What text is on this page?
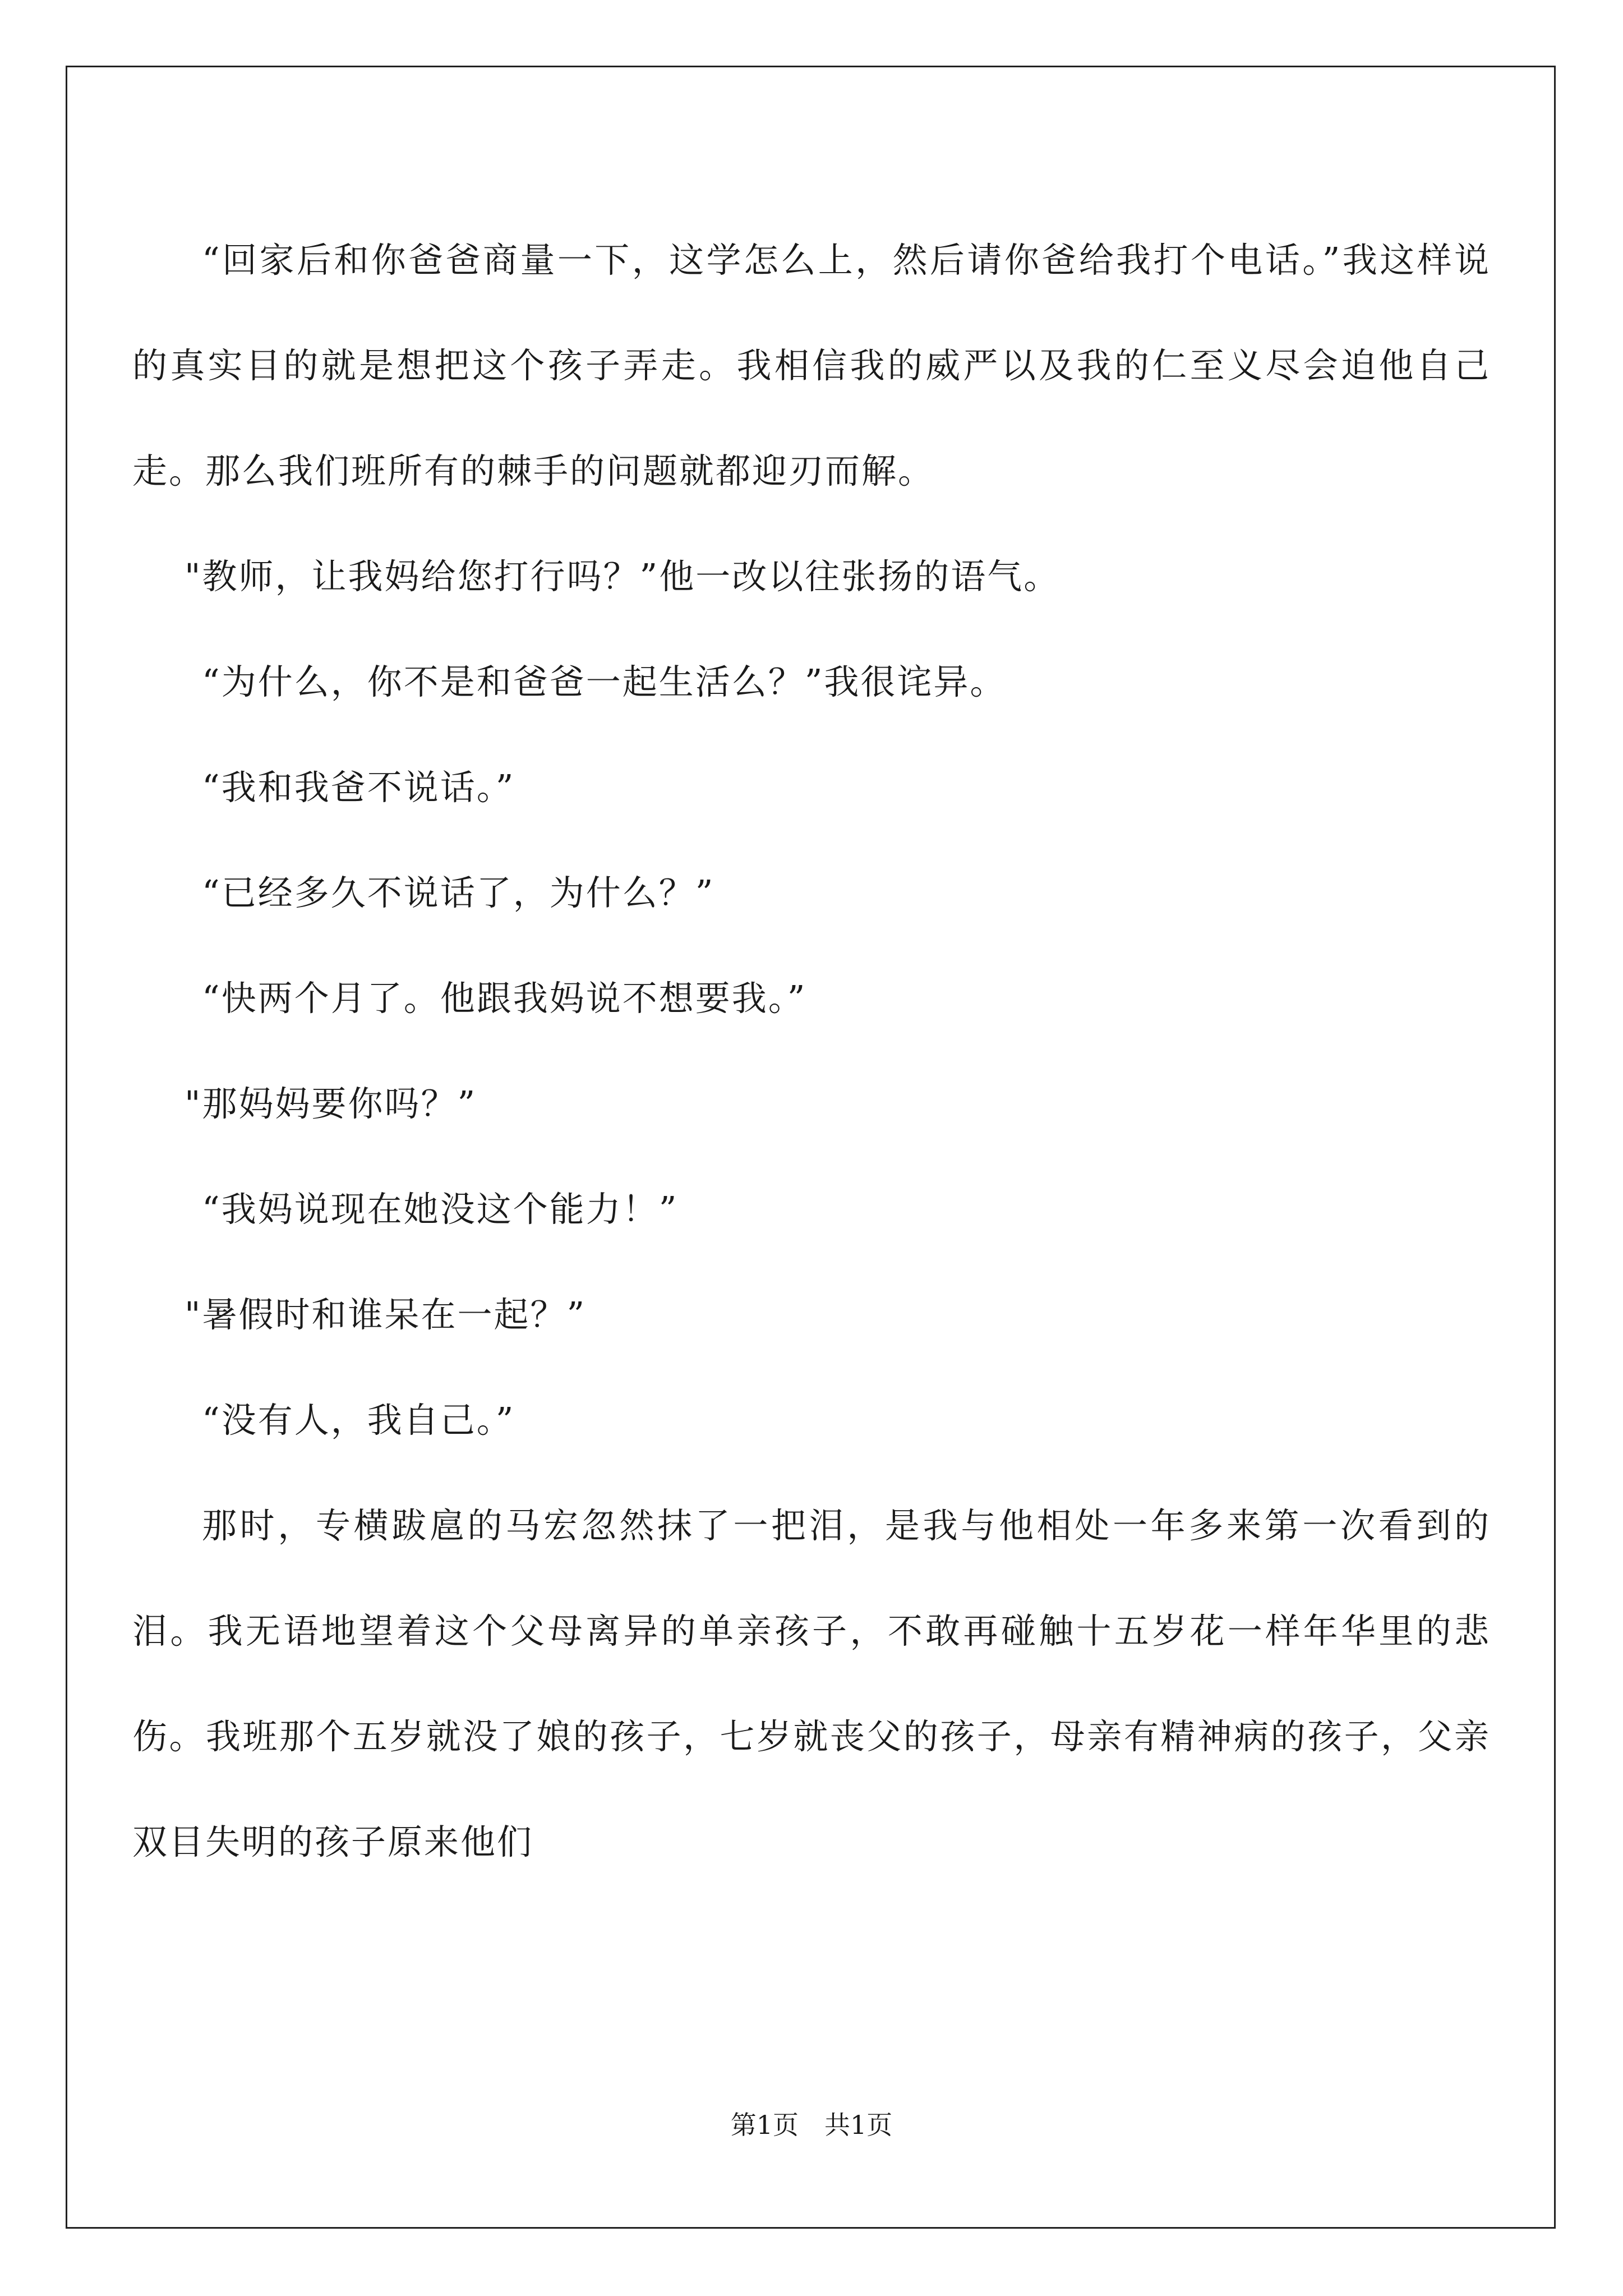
“回家后和你爸爸商量一下，这学怎么上，然后请你爸给我打个电话。”我这样说的真实目的就是想把这个孩子弄走。我相信我的威严以及我的仁至义尽会迫他自己走。那么我们班所有的棘手的问题就都迎刃而解。

"教师，让我妈给您打行吗？”他一改以往张扬的语气。

“为什么，你不是和爸爸一起生活么？”我很诧异。

“我和我爸不说话。”

“已经多久不说话了，为什么？”

“快两个月了。他跟我妈说不想要我。”

"那妈妈要你吗？”

“我妈说现在她没这个能力！”

"暑假时和谁呆在一起？”

“没有人，我自己。”

那时，专横跋扈的马宏忽然抹了一把泪，是我与他相处一年多来第一次看到的泪。我无语地望着这个父母离异的单亲孩子，不敢再碰触十五岁花一样年华里的悲伤。我班那个五岁就没了娘的孩子，七岁就丧父的孩子，母亲有精神病的孩子，父亲双目失明的孩子原来他们

第1页 共1页
